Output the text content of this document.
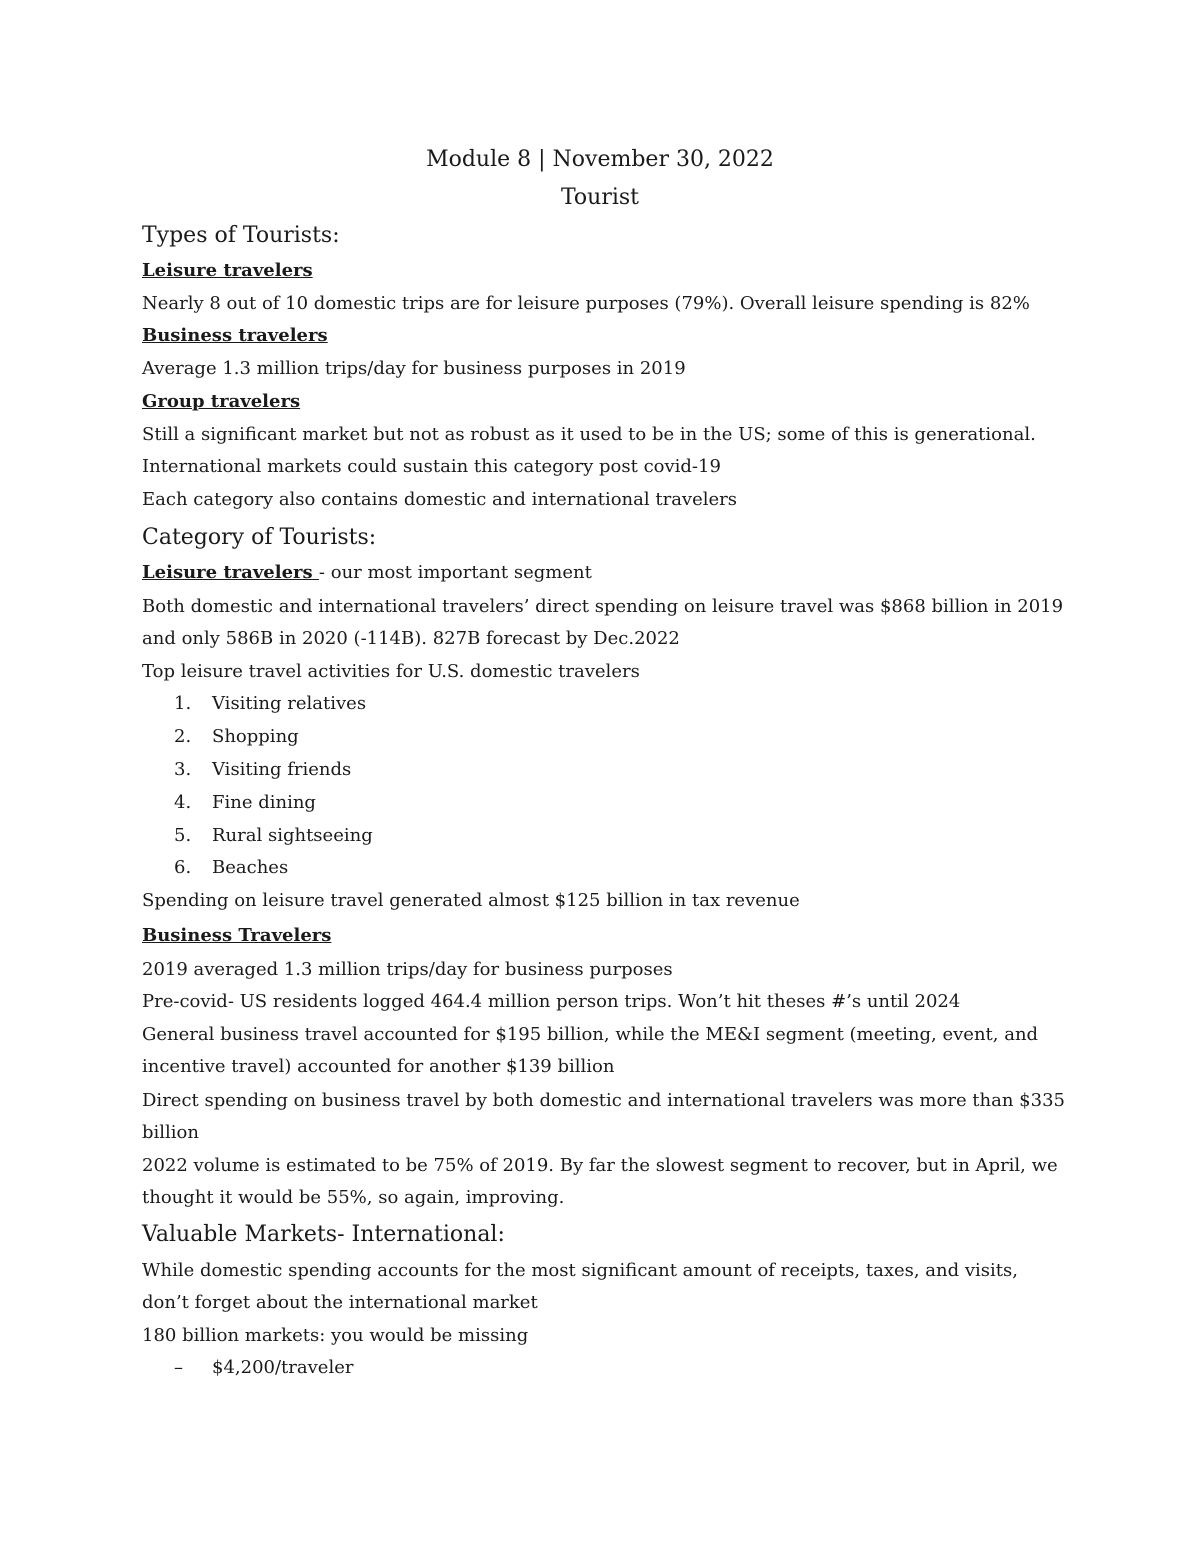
Module 8 | November 30, 2022
Tourist
Types of Tourists:

Leisure travelers

Nearly 8 out of 10 domestic trips are for leisure purposes (79%). Overall leisure spending is 82%

Business travelers

Average 1.3 million trips/day for business purposes in 2019

Group travelers

Still a significant market but not as robust as it used to be in the US; some of this is generational.

International markets could sustain this category post covid-19

Each category also contains domestic and international travelers

Category of Tourists:

Leisure travelers - our most important segment

Both domestic and international travelers’ direct spending on leisure travel was $868 billion in 2019

and only 586B in 2020 (-114B). 827B forecast by Dec.2022

Top leisure travel activities for U.S. domestic travelers

1.	Visiting relatives
2.	Shopping
3.	Visiting friends
4.	Fine dining
5.	Rural sightseeing
6.	Beaches

Spending on leisure travel generated almost $125 billion in tax revenue

Business Travelers

2019 averaged 1.3 million trips/day for business purposes

Pre-covid- US residents logged 464.4 million person trips. Won’t hit theses #’s until 2024

General business travel accounted for $195 billion, while the ME&I segment (meeting, event, and

incentive travel) accounted for another $139 billion

Direct spending on business travel by both domestic and international travelers was more than $335

billion

2022 volume is estimated to be 75% of 2019. By far the slowest segment to recover, but in April, we

thought it would be 55%, so again, improving.

Valuable Markets- International:

While domestic spending accounts for the most significant amount of receipts, taxes, and visits,

don’t forget about the international market

180 billion markets: you would be missing

–	$4,200/traveler
